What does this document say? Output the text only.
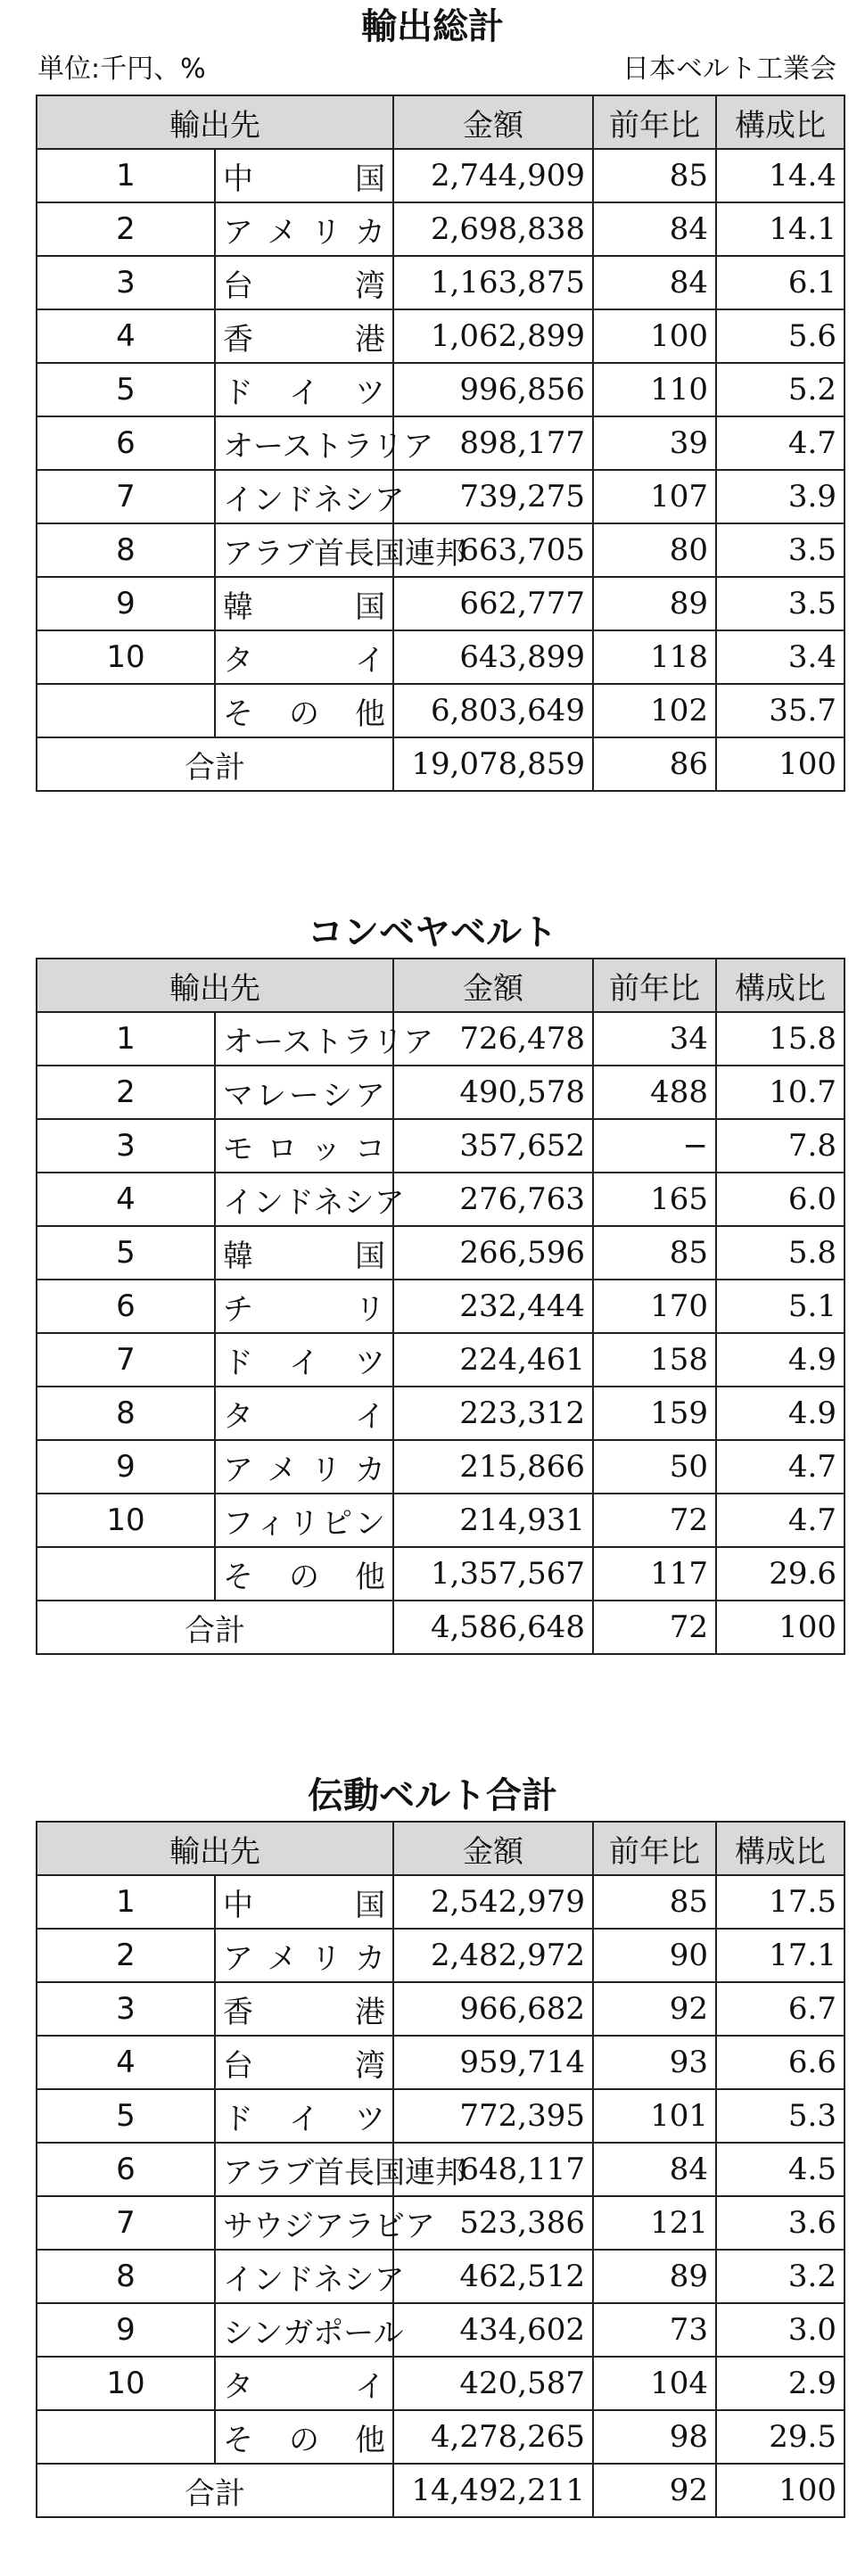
輸出総計
単位:千円、%	日本ベルト工業会
輸出先		金額	前年比	構成比
1	中 国	2,744,909	85	14.4
2	ア メ リ カ	2,698,838	84	14.1
3	台 湾	1,163,875	84	6.1
4	香 港	1,062,899	100	5.6
5	ド イ ツ	996,856	110	5.2
6	オーストラリア	898,177	39	4.7
7	インドネシア	739,275	107	3.9
8	アラブ首長国連邦	663,705	80	3.5
9	韓 国	662,777	89	3.5
10	タ イ	643,899	118	3.4

	そ の 他	6,803,649	102	35.7
合計		19,078,859	86	100
コンベヤベルト
輸出先		金額	前年比	構成比
1	オーストラリア	726,478	34	15.8
2	マ レ ー シ ア	490,578	488	10.7
3	モ ロ ッ コ	357,652	−	7.8
4	インドネシア	276,763	165	6.0
5	韓 国	266,596	85	5.8
6	チ リ	232,444	170	5.1
7	ド イ ツ	224,461	158	4.9
8	タ イ	223,312	159	4.9
9	ア メ リ カ	215,866	50	4.7
10	フ ィ リ ピ ン	214,931	72	4.7

	そ の 他	1,357,567	117	29.6
合計		4,586,648	72	100
伝動ベルト合計
輸出先		金額	前年比	構成比
1	中 国	2,542,979	85	17.5
2	ア メ リ カ	2,482,972	90	17.1
3	香 港	966,682	92	6.7
4	台 湾	959,714	93	6.6
5	ド イ ツ	772,395	101	5.3
6	アラブ首長国連邦	648,117	84	4.5
7	サウジアラビア	523,386	121	3.6
8	インドネシア	462,512	89	3.2
9	シンガポール	434,602	73	3.0
10	タ イ	420,587	104	2.9

	そ の 他	4,278,265	98	29.5
合計		14,492,211	92	100
